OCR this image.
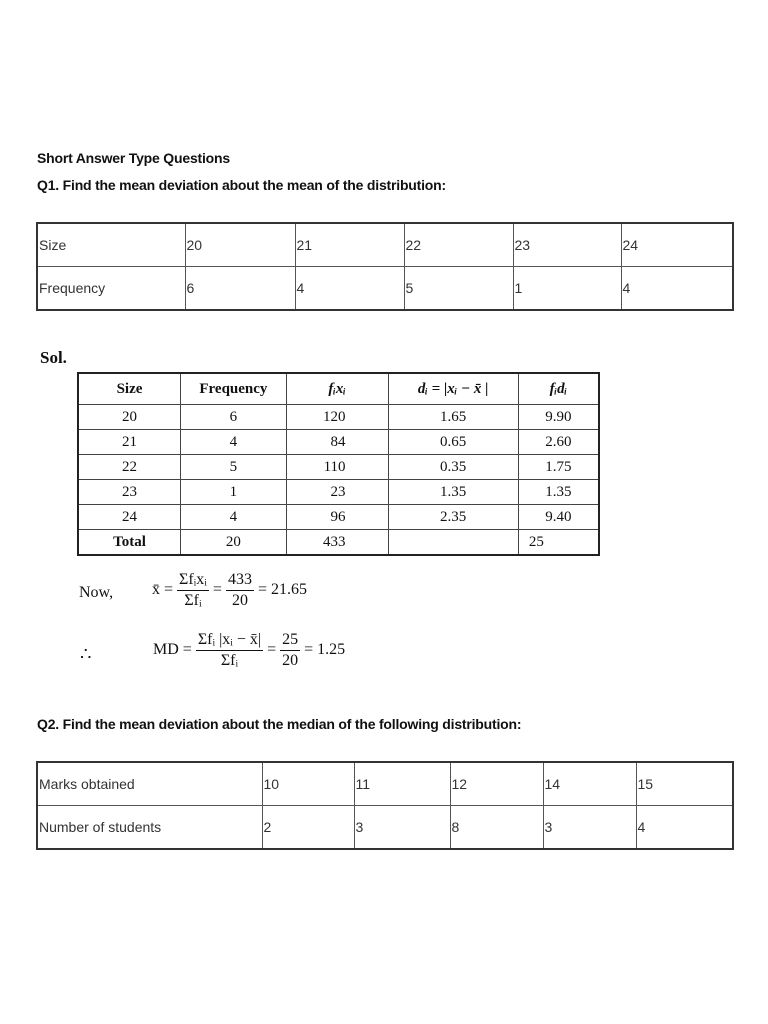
Short Answer Type Questions
Q1. Find the mean deviation about the mean of the distribution:
Size	20	21	22	23	24
Frequency	6	4	5	1	4
Sol.
Size	Frequency	fᵢxᵢ	dᵢ = |xᵢ − x̄ |	fᵢdᵢ
20	6	120	1.65	9.90
21	4	84	0.65	2.60
22	5	110	0.35	1.75
23	1	23	1.35	1.35
24	4	96	2.35	9.40
Total	20	433		25
Now, x̄ = $\frac{\text{Σfᵢxᵢ}}{\text{Σfᵢ}} = \frac{433}{20} = 21.65$
∴	MD = $\frac{\text{Σfᵢ |xᵢ − x̄|}}{\text{Σfᵢ}} = \frac{25}{20} = 1.25$
Q2. Find the mean deviation about the median of the following distribution:
Marks obtained	10	11	12	14	15
Number of students	2	3	8	3	4
